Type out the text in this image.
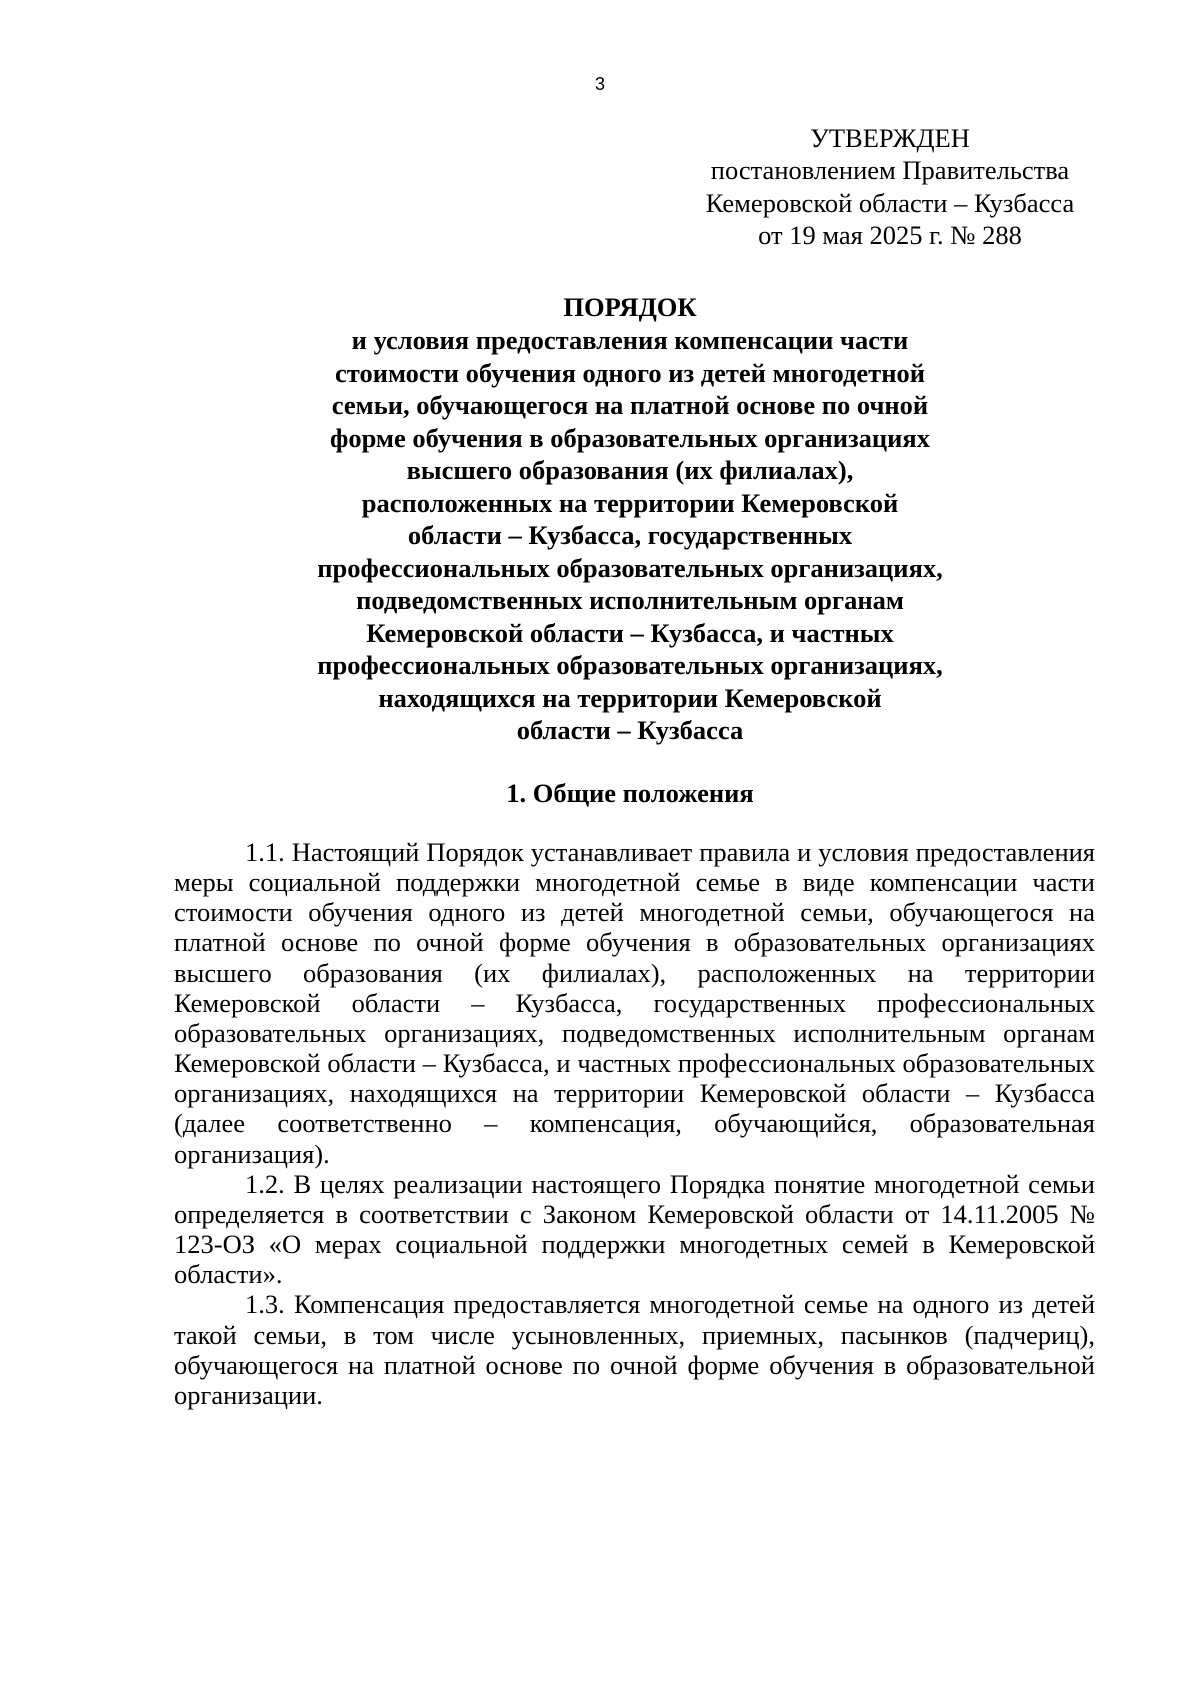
3
УТВЕРЖДЕН
постановлением Правительства
Кемеровской области – Кузбасса
от 19 мая 2025 г. № 288
ПОРЯДОК
и условия предоставления компенсации части
стоимости обучения одного из детей многодетной
семьи, обучающегося на платной основе по очной
форме обучения в образовательных организациях
высшего образования (их филиалах),
расположенных на территории Кемеровской
области – Кузбасса, государственных
профессиональных образовательных организациях,
подведомственных исполнительным органам
Кемеровской области – Кузбасса, и частных
профессиональных образовательных организациях,
находящихся на территории Кемеровской
области – Кузбасса
1. Общие положения

1.1. Настоящий Порядок устанавливает правила и условия предоставления меры социальной поддержки многодетной семье в виде компенсации части стоимости обучения одного из детей многодетной семьи, обучающегося на платной основе по очной форме обучения в образовательных организациях высшего образования (их филиалах), расположенных на территории Кемеровской области – Кузбасса, государственных профессиональных образовательных организациях, подведомственных исполнительным органам Кемеровской области – Кузбасса, и частных профессиональных образовательных организациях, находящихся на территории Кемеровской области – Кузбасса (далее соответственно – компенсация, обучающийся, образовательная организация).

1.2. В целях реализации настоящего Порядка понятие многодетной семьи определяется в соответствии с Законом Кемеровской области от 14.11.2005 № 123-ОЗ «О мерах социальной поддержки многодетных семей в Кемеровской области».

1.3. Компенсация предоставляется многодетной семье на одного из детей такой семьи, в том числе усыновленных, приемных, пасынков (падчериц), обучающегося на платной основе по очной форме обучения в образовательной организации.
